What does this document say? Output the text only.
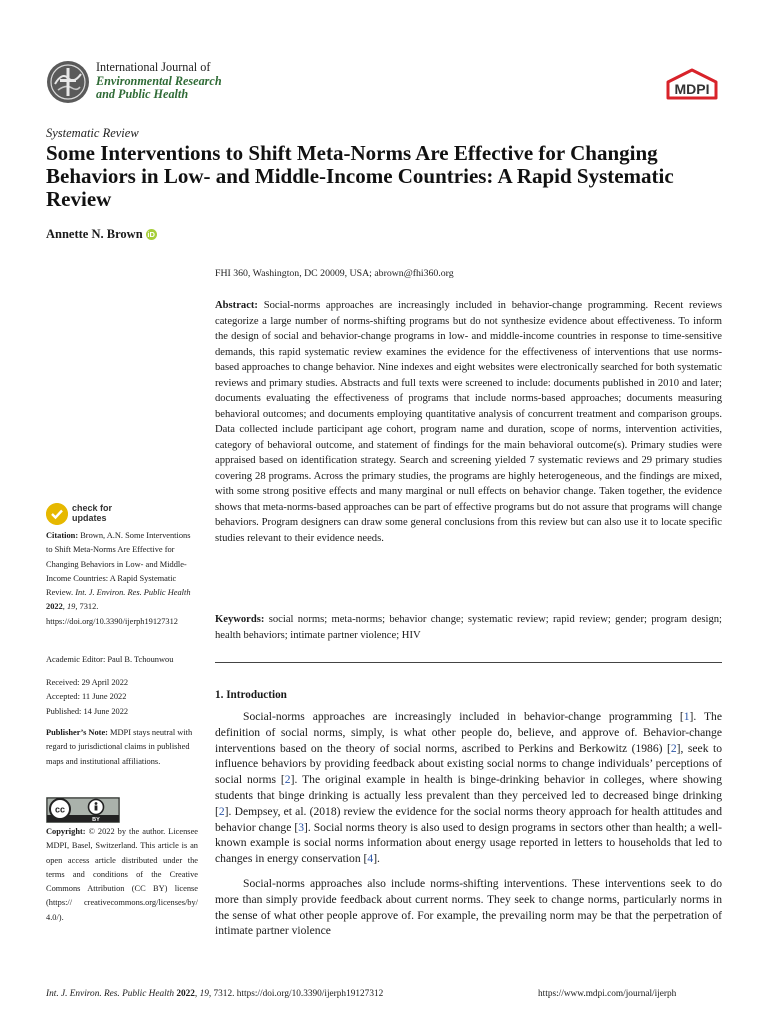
International Journal of
Environmental Research
and Public Health	MDPI
Systematic Review
Some Interventions to Shift Meta-Norms Are Effective for Changing Behaviors in Low- and Middle-Income Countries: A Rapid Systematic Review
Annette N. Brown iD
FHI 360, Washington, DC 20009, USA; abrown@fhi360.org
Abstract: Social-norms approaches are increasingly included in behavior-change programming. Recent reviews categorize a large number of norms-shifting programs but do not synthesize evidence about effectiveness. To inform the design of social and behavior-change programs in low- and middle-income countries in response to time-sensitive demands, this rapid systematic review examines the evidence for the effectiveness of interventions that use norms-based approaches to change behavior. Nine indexes and eight websites were electronically searched for both systematic reviews and primary studies. Abstracts and full texts were screened to include: documents published in 2010 and later; documents evaluating the effectiveness of programs that include norms-based approaches; documents measuring behavioral outcomes; and documents employing quantitative analysis of concurrent treatment and comparison groups. Data collected include participant age cohort, program name and duration, scope of norms, intervention activities, category of behavioral outcome, and statement of findings for the main behavioral outcome(s). Primary studies were appraised based on identification strategy. Search and screening yielded 7 systematic reviews and 29 primary studies covering 28 programs. Across the primary studies, the programs are highly heterogeneous, and the findings are mixed, with some strong positive effects and many marginal or null effects on behavior change. Taken together, the evidence shows that meta-norms-based approaches can be part of effective programs but do not assure that programs will change behaviors. Program designers can draw some general conclusions from this review but can also use it to locate specific studies relevant to their evidence needs.
Keywords: social norms; meta-norms; behavior change; systematic review; rapid review; gender; program design; health behaviors; intimate partner violence; HIV
1. Introduction
Social-norms approaches are increasingly included in behavior-change programming [1]. The definition of social norms, simply, is what other people do, believe, and approve of. Behavior-change interventions based on the theory of social norms, ascribed to Perkins and Berkowitz (1986) [2], seek to influence behaviors by providing feedback about existing social norms to change individuals’ perceptions of social norms [2]. The original example in health is binge-drinking behavior in colleges, where showing students that binge drinking is actually less prevalent than they perceived led to decreased binge drinking [2]. Dempsey, et al. (2018) review the evidence for the social norms theory approach for health attitudes and behavior change [3]. Social norms theory is also used to design programs in sectors other than health; a well-known example is social norms information about energy usage reported in letters to households that led to changes in energy conservation [4].
Social-norms approaches also include norms-shifting interventions. These interventions seek to do more than simply provide feedback about current norms. They seek to change norms, particularly norms in the sense of what other people approve of. For example, the prevailing norm may be that the perpetration of intimate partner violence
check for
updates
Citation: Brown, A.N. Some Interventions to Shift Meta-Norms Are Effective for Changing Behaviors in Low- and Middle-Income Countries: A Rapid Systematic Review. Int. J. Environ. Res. Public Health 2022, 19, 7312. https://doi.org/10.3390/ijerph19127312
Academic Editor: Paul B. Tchounwou
Received: 29 April 2022
Accepted: 11 June 2022
Published: 14 June 2022
Publisher’s Note: MDPI stays neutral with regard to jurisdictional claims in published maps and institutional affiliations.
cc
BY
Copyright: © 2022 by the author. Licensee MDPI, Basel, Switzerland. This article is an open access article distributed under the terms and conditions of the Creative Commons Attribution (CC BY) license (https:// creativecommons.org/licenses/by/ 4.0/).
Int. J. Environ. Res. Public Health 2022, 19, 7312. https://doi.org/10.3390/ijerph19127312	https://www.mdpi.com/journal/ijerph
